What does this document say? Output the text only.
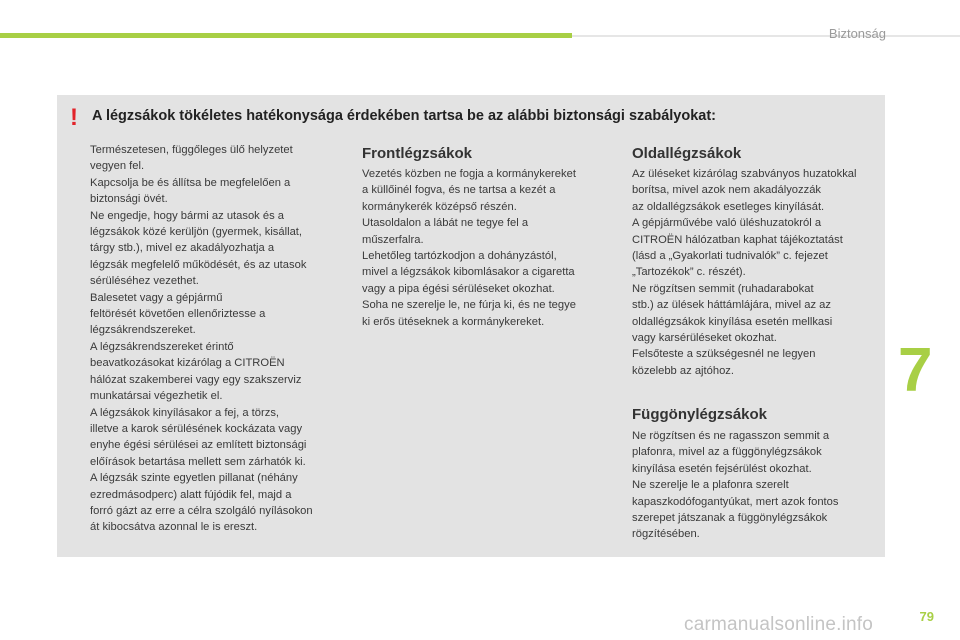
Biztonság
7
! A légzsákok tökéletes hatékonysága érdekében tartsa be az alábbi biztonsági szabályokat:

Természetesen, függőleges ülő helyzetet
vegyen fel.
Kapcsolja be és állítsa be megfelelően a
biztonsági övét.
Ne engedje, hogy bármi az utasok és a
légzsákok közé kerüljön (gyermek, kisállat,
tárgy stb.), mivel ez akadályozhatja a
légzsák megfelelő működését, és az utasok
sérüléséhez vezethet.
Balesetet vagy a gépjármű
feltörését követően ellenőriztesse a
légzsákrendszereket.
A légzsákrendszereket érintő
beavatkozásokat kizárólag a CITROËN
hálózat szakemberei vagy egy szakszerviz
munkatársai végezhetik el.
A légzsákok kinyílásakor a fej, a törzs,
illetve a karok sérülésének kockázata vagy
enyhe égési sérülései az említett biztonsági
előírások betartása mellett sem zárhatók ki.
A légzsák szinte egyetlen pillanat (néhány
ezredmásodperc) alatt fújódik fel, majd a
forró gázt az erre a célra szolgáló nyílásokon
át kibocsátva azonnal le is ereszt.

Frontlégzsákok

Vezetés közben ne fogja a kormánykereket
a küllőinél fogva, és ne tartsa a kezét a
kormánykerék középső részén.
Utasoldalon a lábát ne tegye fel a
műszerfalra.
Lehetőleg tartózkodjon a dohányzástól,
mivel a légzsákok kibomlásakor a cigaretta
vagy a pipa égési sérüléseket okozhat.
Soha ne szerelje le, ne fúrja ki, és ne tegye
ki erős ütéseknek a kormánykereket.

Oldallégzsákok

Az üléseket kizárólag szabványos huzatokkal
borítsa, mivel azok nem akadályozzák
az oldallégzsákok esetleges kinyílását.
A gépjárművébe való üléshuzatokról a
CITROËN hálózatban kaphat tájékoztatást
(lásd a „Gyakorlati tudnivalók” c. fejezet
„Tartozékok” c. részét).
Ne rögzítsen semmit (ruhadarabokat
stb.) az ülések háttámlájára, mivel az az
oldallégzsákok kinyílása esetén mellkasi
vagy karsérüléseket okozhat.
Felsőteste a szükségesnél ne legyen
közelebb az ajtóhoz.

Függönylégzsákok

Ne rögzítsen és ne ragasszon semmit a
plafonra, mivel az a függönylégzsákok
kinyílása esetén fejsérülést okozhat.
Ne szerelje le a plafonra szerelt
kapaszkodófogantyúkat, mert azok fontos
szerepet játszanak a függönylégzsákok
rögzítésében.

carmanualsonline.info	79
